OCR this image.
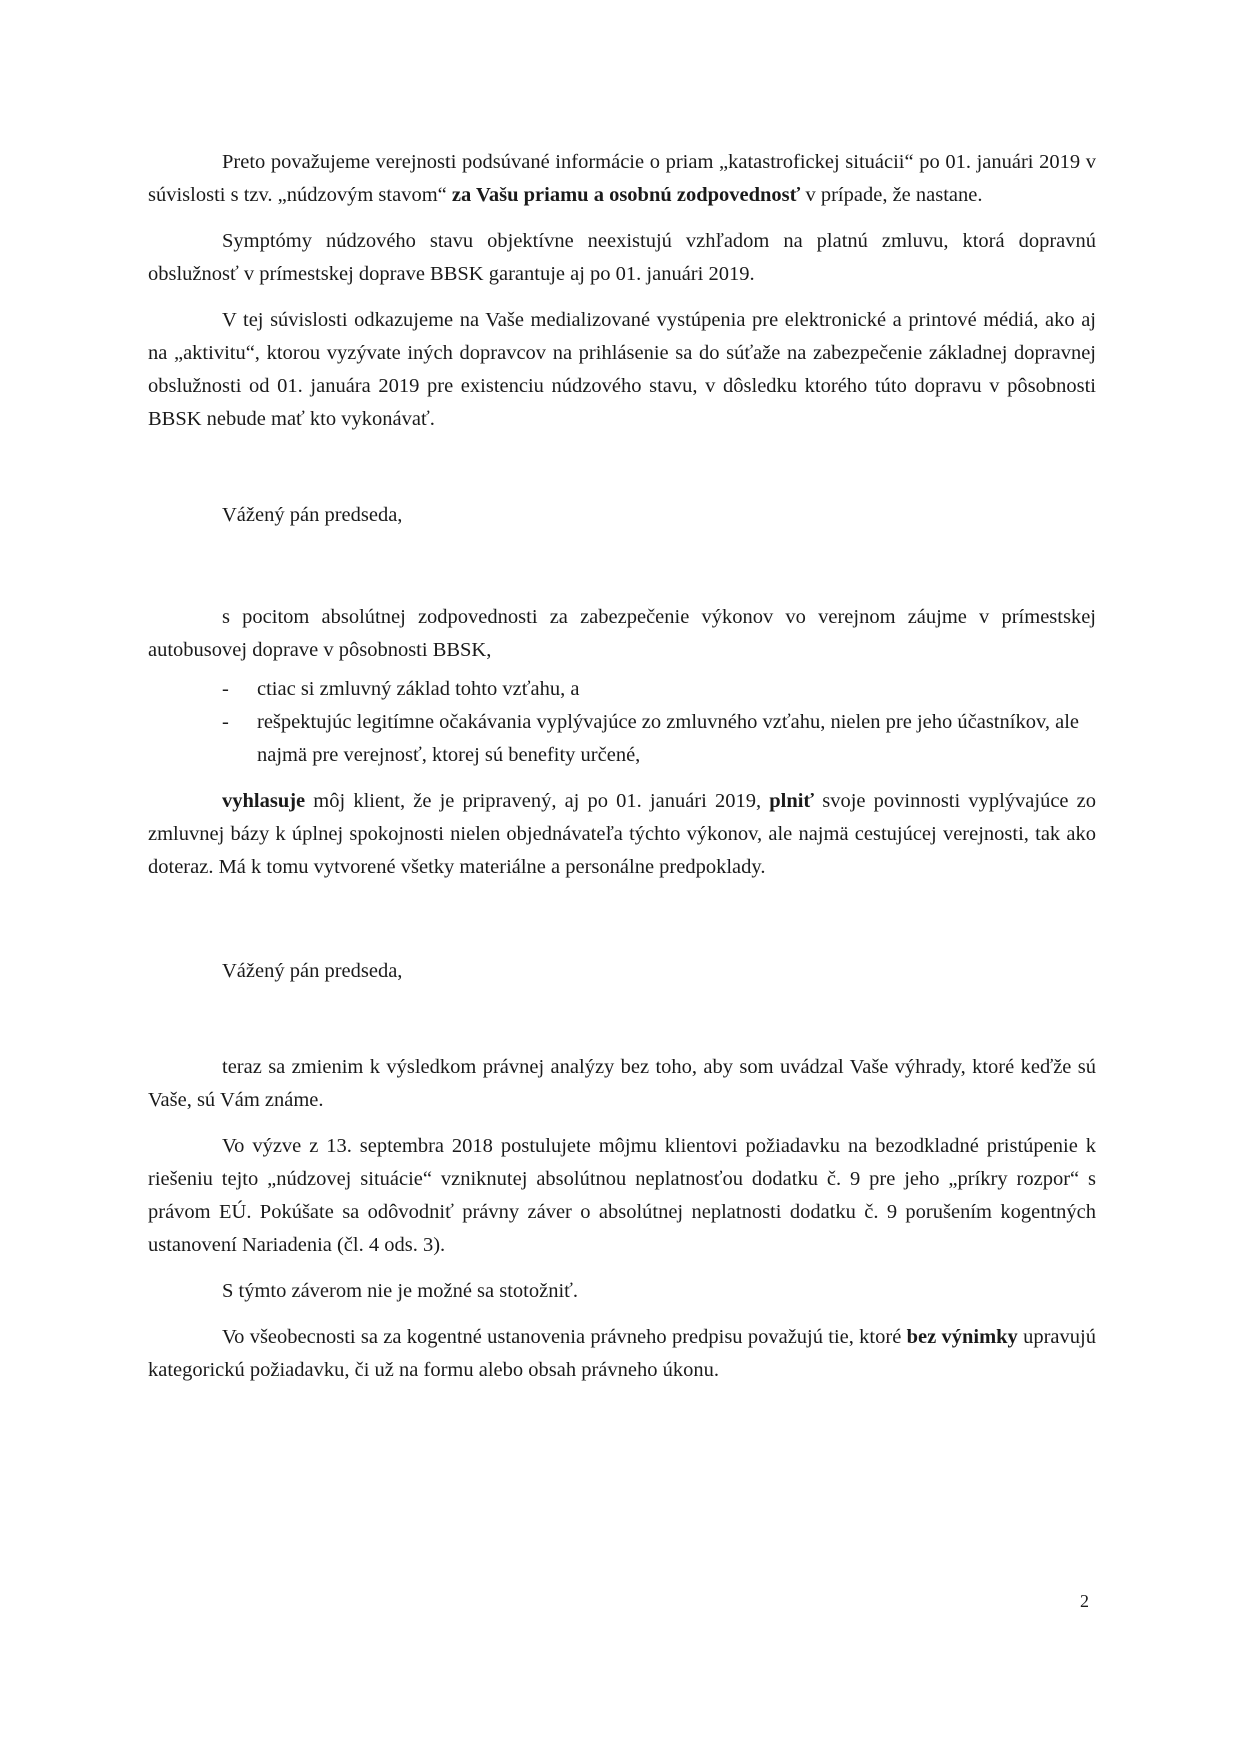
Preto považujeme verejnosti podsúvané informácie o priam „katastrofickej situácii“ po 01. januári 2019 v súvislosti s tzv. „núdzovým stavom“ za Vašu priamu a osobnú zodpovednosť v prípade, že nastane.

Symptómy núdzového stavu objektívne neexistujú vzhľadom na platnú zmluvu, ktorá dopravnú obslužnosť v prímestskej doprave BBSK garantuje aj po 01. januári 2019.

V tej súvislosti odkazujeme na Vaše medializované vystúpenia pre elektronické a printové médiá, ako aj na „aktivitu“, ktorou vyzývate iných dopravcov na prihlásenie sa do súťaže na zabezpečenie základnej dopravnej obslužnosti od 01. januára 2019 pre existenciu núdzového stavu, v dôsledku ktorého túto dopravu v pôsobnosti BBSK nebude mať kto vykonávať.

Vážený pán predseda,

s pocitom absolútnej zodpovednosti za zabezpečenie výkonov vo verejnom záujme v prímestskej autobusovej doprave v pôsobnosti BBSK,

- ctiac si zmluvný základ tohto vzťahu, a
- rešpektujúc legitímne očakávania vyplývajúce zo zmluvného vzťahu, nielen pre jeho účastníkov, ale najmä pre verejnosť, ktorej sú benefity určené,

vyhlasuje môj klient, že je pripravený, aj po 01. januári 2019, plniť svoje povinnosti vyplývajúce zo zmluvnej bázy k úplnej spokojnosti nielen objednávateľa týchto výkonov, ale najmä cestujúcej verejnosti, tak ako doteraz. Má k tomu vytvorené všetky materiálne a personálne predpoklady.

Vážený pán predseda,

teraz sa zmienim k výsledkom právnej analýzy bez toho, aby som uvádzal Vaše výhrady, ktoré keďže sú Vaše, sú Vám známe.

Vo výzve z 13. septembra 2018 postulujete môjmu klientovi požiadavku na bezodkladné pristúpenie k riešeniu tejto „núdzovej situácie“ vzniknutej absolútnou neplatnosťou dodatku č. 9 pre jeho „príkry rozpor“ s právom EÚ. Pokúšate sa odôvodniť právny záver o absolútnej neplatnosti dodatku č. 9 porušením kogentných ustanovení Nariadenia (čl. 4 ods. 3).

S týmto záverom nie je možné sa stotožniť.

Vo všeobecnosti sa za kogentné ustanovenia právneho predpisu považujú tie, ktoré bez výnimky upravujú kategorickú požiadavku, či už na formu alebo obsah právneho úkonu.

2
